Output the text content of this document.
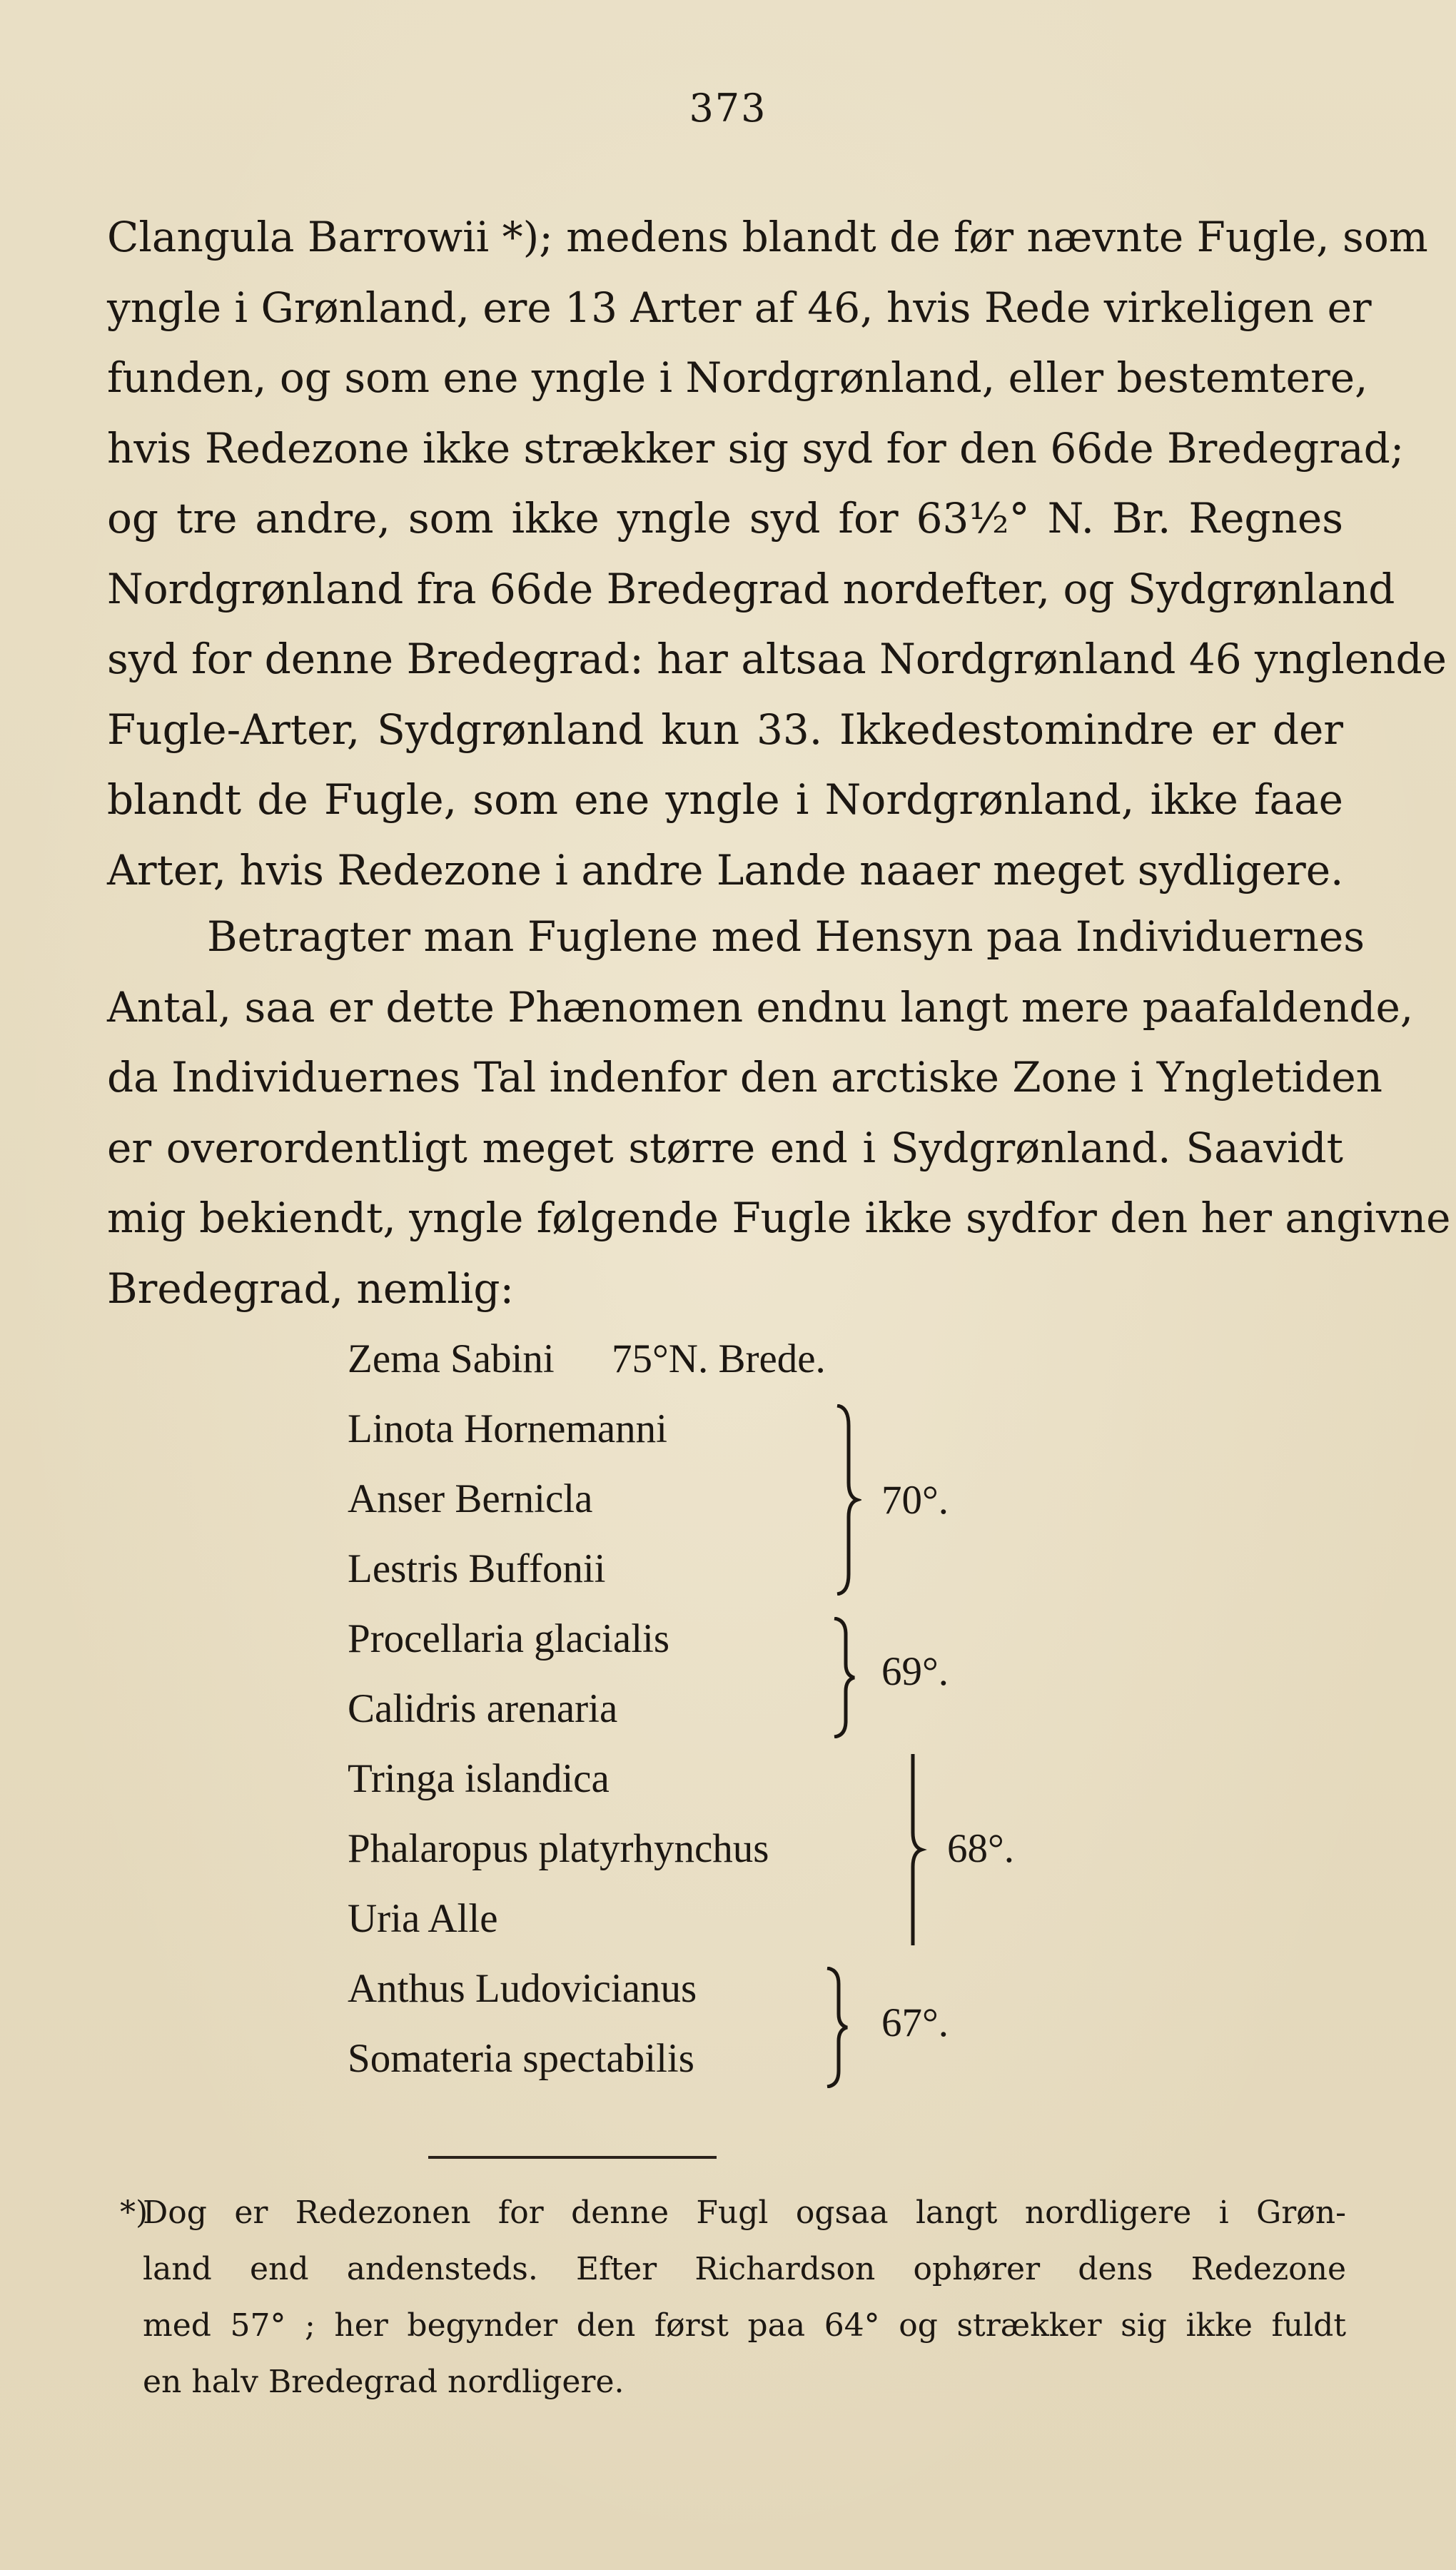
373
Clangula Barrowii *); medens blandt de før nævnte Fugle, som
yngle i Grønland, ere 13 Arter af 46, hvis Rede virkeligen er
funden, og som ene yngle i Nordgrønland, eller bestemtere,
hvis Redezone ikke strækker sig syd for den 66de Bredegrad;
og tre andre, som ikke yngle syd for 63½° N. Br. Regnes
Nordgrønland fra 66de Bredegrad nordefter, og Sydgrønland
syd for denne Bredegrad: har altsaa Nordgrønland 46 ynglende
Fugle-Arter, Sydgrønland kun 33. Ikkedestomindre er der
blandt de Fugle, som ene yngle i Nordgrønland, ikke faae
Arter, hvis Redezone i andre Lande naaer meget sydligere.
Betragter man Fuglene med Hensyn paa Individuernes
Antal, saa er dette Phænomen endnu langt mere paafaldende,
da Individuernes Tal indenfor den arctiske Zone i Yngletiden
er overordentligt meget større end i Sydgrønland. Saavidt
mig bekiendt, yngle følgende Fugle ikke sydfor den her angivne
Bredegrad, nemlig:
Zema Sabini 75°N. Brede.
Linota Hornemanni
Anser Bernicla
Lestris Buffonii
70°.
Procellaria glacialis
Calidris arenaria
69°.
Tringa islandica
Phalaropus platyrhynchus
Uria Alle
68°.
Anthus Ludovicianus
Somateria spectabilis
67°.
*)
Dog er Redezonen for denne Fugl ogsaa langt nordligere i Grøn-
land end andensteds. Efter Richardson ophører dens Redezone
med 57° ; her begynder den først paa 64° og strækker sig ikke fuldt
en halv Bredegrad nordligere.
